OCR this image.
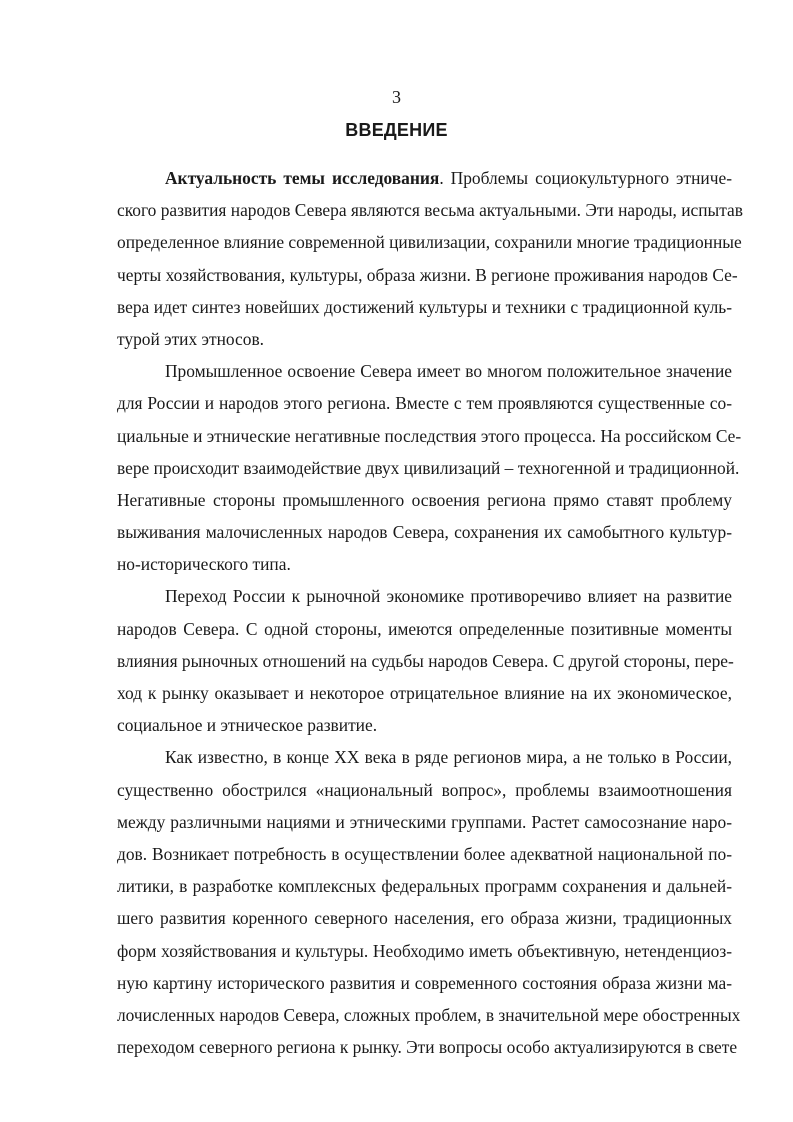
3
ВВЕДЕНИЕ
Актуальность темы исследования. Проблемы социокультурного этниче-
ского развития народов Севера являются весьма актуальными. Эти народы, испытав
определенное влияние современной цивилизации, сохранили многие традиционные
черты хозяйствования, культуры, образа жизни. В регионе проживания народов Се-
вера идет синтез новейших достижений культуры и техники с традиционной куль-
турой этих этносов.
Промышленное освоение Севера имеет во многом положительное значение
для России и народов этого региона. Вместе с тем проявляются существенные со-
циальные и этнические негативные последствия этого процесса. На российском Се-
вере происходит взаимодействие двух цивилизаций – техногенной и традиционной.
Негативные стороны промышленного освоения региона прямо ставят проблему
выживания малочисленных народов Севера, сохранения их самобытного культур-
но-исторического типа.
Переход России к рыночной экономике противоречиво влияет на развитие
народов Севера. С одной стороны, имеются определенные позитивные моменты
влияния рыночных отношений на судьбы народов Севера. С другой стороны, пере-
ход к рынку оказывает и некоторое отрицательное влияние на их экономическое,
социальное и этническое развитие.
Как известно, в конце XX века в ряде регионов мира, а не только в России,
существенно обострился «национальный вопрос», проблемы взаимоотношения
между различными нациями и этническими группами. Растет самосознание наро-
дов. Возникает потребность в осуществлении более адекватной национальной по-
литики, в разработке комплексных федеральных программ сохранения и дальней-
шего развития коренного северного населения, его образа жизни, традиционных
форм хозяйствования и культуры. Необходимо иметь объективную, нетенденциоз-
ную картину исторического развития и современного состояния образа жизни ма-
лочисленных народов Севера, сложных проблем, в значительной мере обостренных
переходом северного региона к рынку. Эти вопросы особо актуализируются в свете
